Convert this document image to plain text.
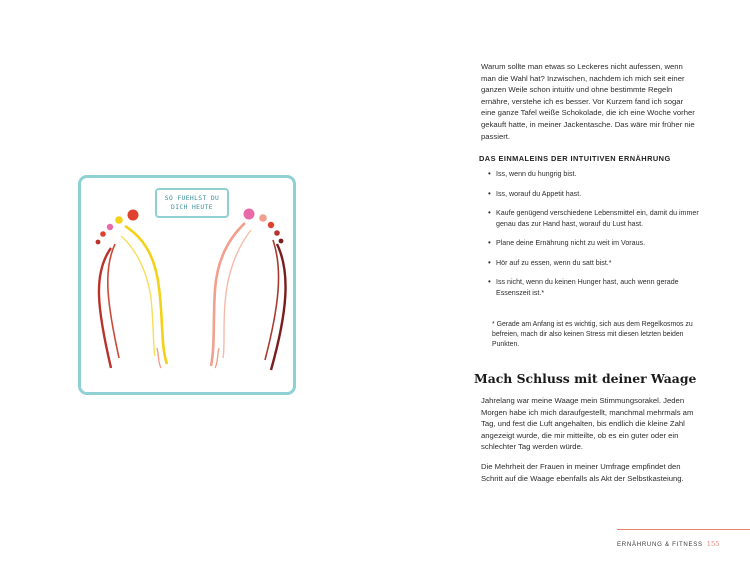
SO FUEHLST DU
DICH HEUTE

Warum sollte man etwas so Leckeres nicht aufessen, wenn man die Wahl hat? Inzwischen, nachdem ich mich seit einer ganzen Weile schon intuitiv und ohne bestimmte Regeln ernähre, verstehe ich es besser. Vor Kurzem fand ich sogar eine ganze Tafel weiße Schokolade, die ich eine Woche vorher gekauft hatte, in meiner Jackentasche. Das wäre mir früher nie passiert.

DAS EINMALEINS DER INTUITIVEN ERNÄHRUNG
• Iss, wenn du hungrig bist.
• Iss, worauf du Appetit hast.
• Kaufe genügend verschiedene Lebensmittel ein, damit du immer genau das zur Hand hast, worauf du Lust hast.
• Plane deine Ernährung nicht zu weit im Voraus.
• Hör auf zu essen, wenn du satt bist.*
• Iss nicht, wenn du keinen Hunger hast, auch wenn gerade Essenszeit ist.*

* Gerade am Anfang ist es wichtig, sich aus dem Regelkosmos zu befreien, mach dir also keinen Stress mit diesen letzten beiden Punkten.

Mach Schluss mit deiner Waage

Jahrelang war meine Waage mein Stimmungsorakel. Jeden Morgen habe ich mich daraufgestellt, manchmal mehrmals am Tag, und fest die Luft angehalten, bis endlich die kleine Zahl angezeigt wurde, die mir mitteilte, ob es ein guter oder ein schlechter Tag werden würde.

Die Mehrheit der Frauen in meiner Umfrage empfindet den Schritt auf die Waage ebenfalls als Akt der Selbstkasteiung.

ERNÄHRUNG & FITNESS 155
